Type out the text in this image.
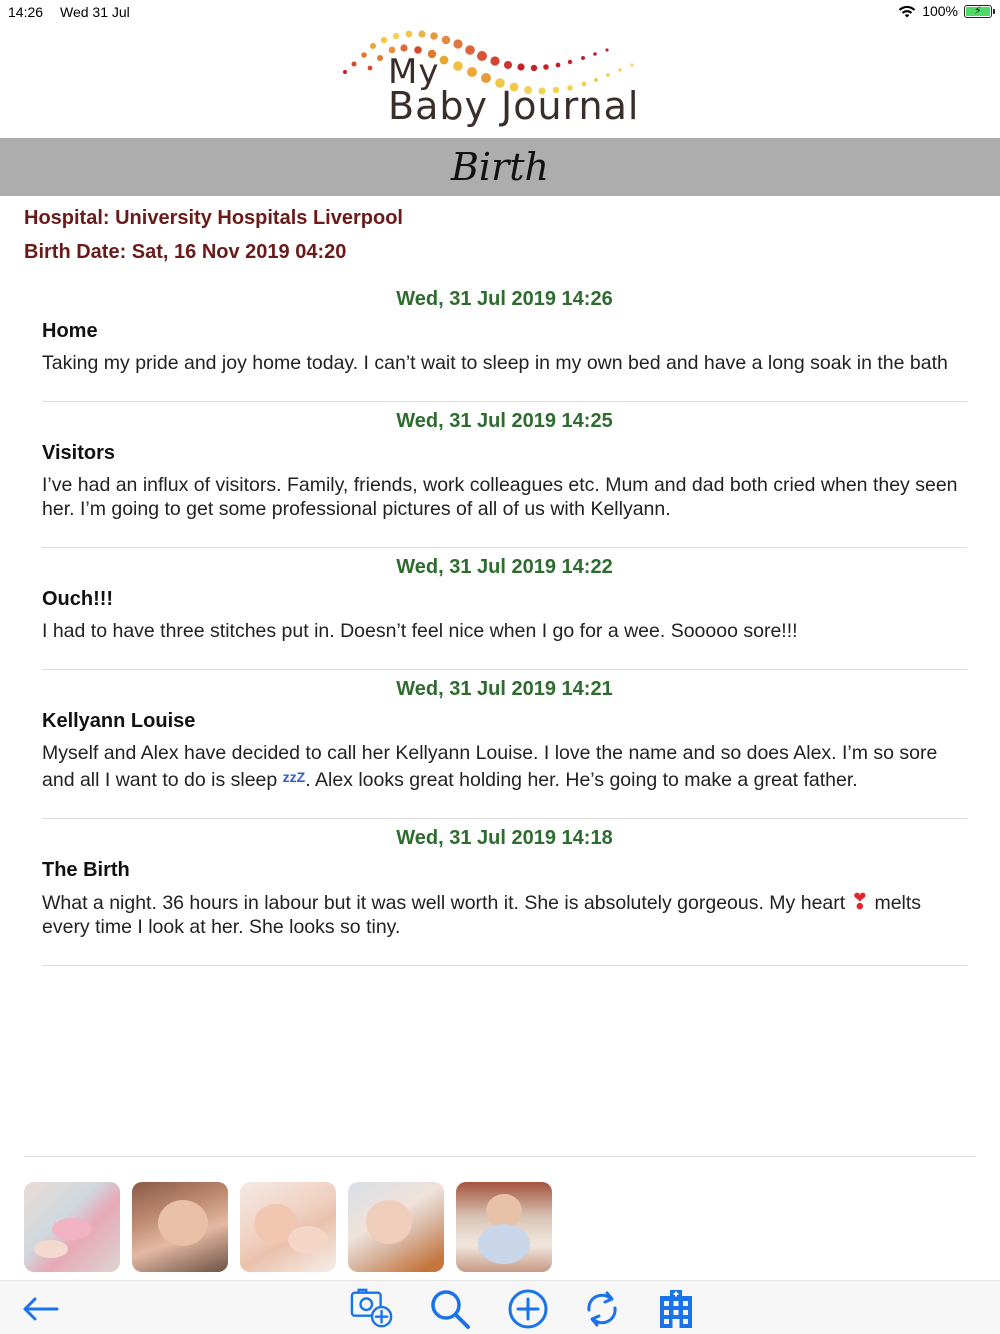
14:26 Wed 31 Jul	100% ⚡
My
Baby Journal
Birth
Hospital: University Hospitals Liverpool
Birth Date: Sat, 16 Nov 2019 04:20
Wed, 31 Jul 2019 14:26
Home
Taking my pride and joy home today. I can’t wait to sleep in my own bed and have a long soak in the bath
Wed, 31 Jul 2019 14:25
Visitors
I’ve had an influx of visitors. Family, friends, work colleagues etc. Mum and dad both cried when they seen her. I’m going to get some professional pictures of all of us with Kellyann.
Wed, 31 Jul 2019 14:22
Ouch!!!
I had to have three stitches put in. Doesn’t feel nice when I go for a wee. Sooooo sore!!!
Wed, 31 Jul 2019 14:21
Kellyann Louise
Myself and Alex have decided to call her Kellyann Louise. I love the name and so does Alex. I’m so sore and all I want to do is sleep $^{zzZ}$. Alex looks great holding her. He’s going to make a great father.
Wed, 31 Jul 2019 14:18
The Birth
What a night. 36 hours in labour but it was well worth it. She is absolutely gorgeous. My heart ❣ melts every time I look at her. She looks so tiny.
